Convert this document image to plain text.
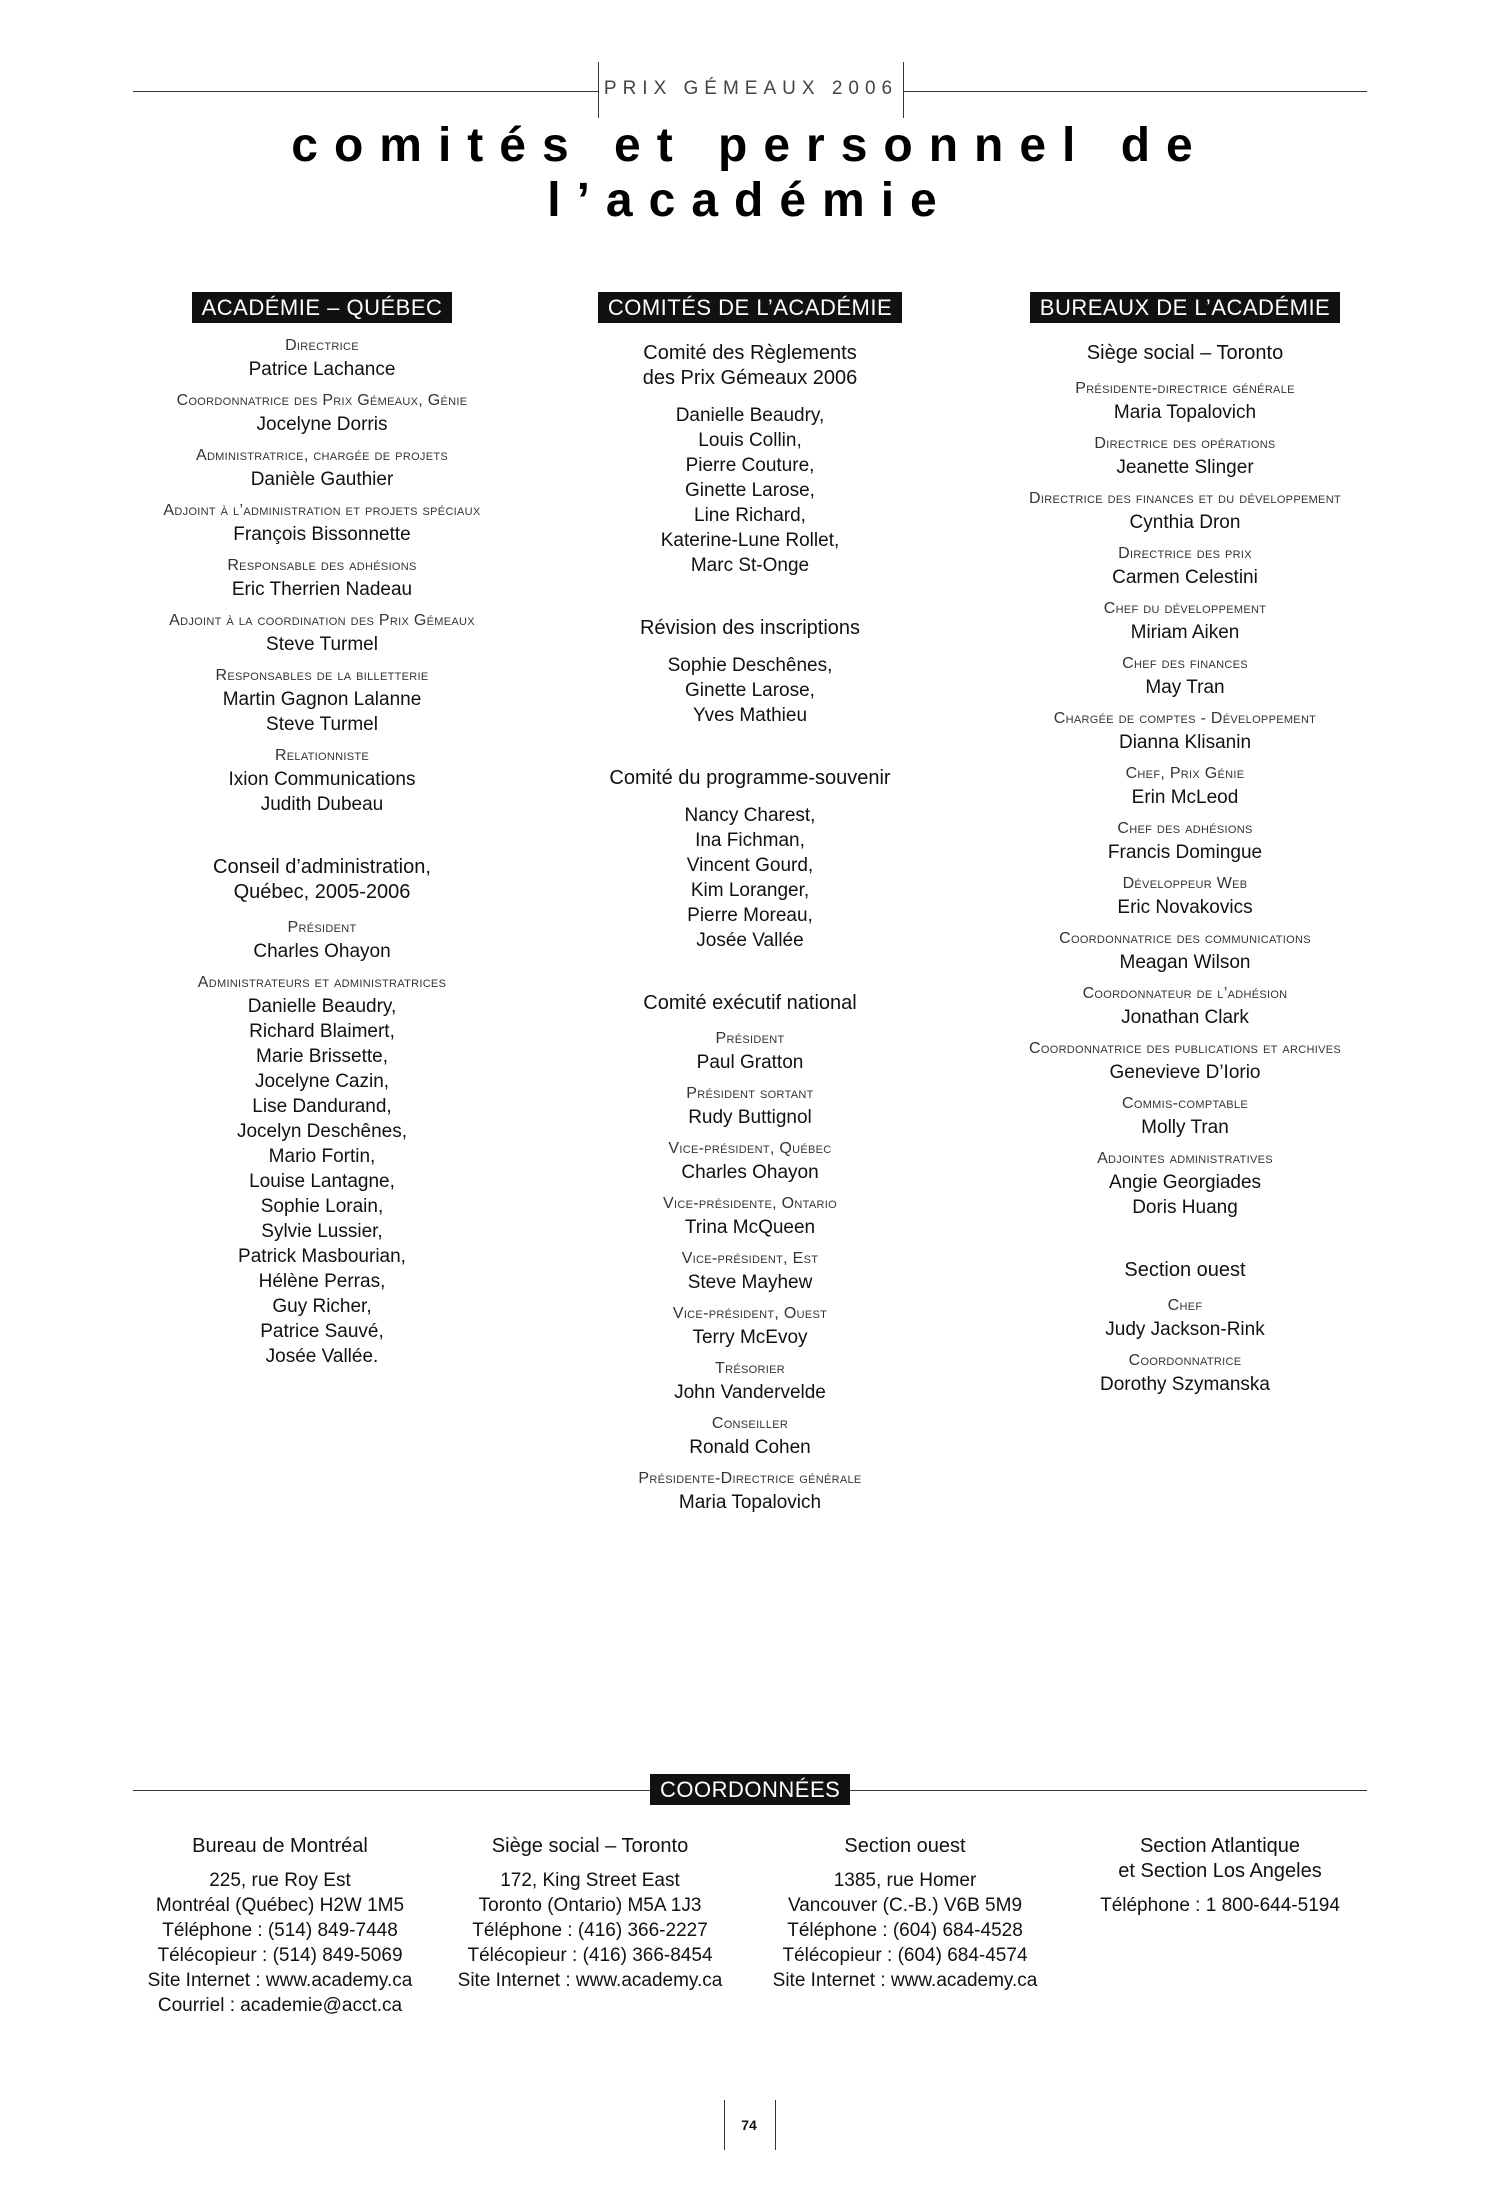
PRIX GÉMEAUX 2006
comités et personnel de l’académie
ACADÉMIE – QUÉBEC
Directrice
Patrice Lachance
Coordonnatrice des Prix Gémeaux, Génie
Jocelyne Dorris
Administratrice, chargée de projets
Danièle Gauthier
Adjoint à l’administration et projets spéciaux
François Bissonnette
Responsable des adhésions
Eric Therrien Nadeau
Adjoint à la coordination des Prix Gémeaux
Steve Turmel
Responsables de la billetterie
Martin Gagnon Lalanne
Steve Turmel
Relationniste
Ixion Communications
Judith Dubeau
Conseil d’administration,
Québec, 2005-2006
Président
Charles Ohayon
Administrateurs et administratrices
Danielle Beaudry,
Richard Blaimert,
Marie Brissette,
Jocelyne Cazin,
Lise Dandurand,
Jocelyn Deschênes,
Mario Fortin,
Louise Lantagne,
Sophie Lorain,
Sylvie Lussier,
Patrick Masbourian,
Hélène Perras,
Guy Richer,
Patrice Sauvé,
Josée Vallée.
COMITÉS DE L’ACADÉMIE
Comité des Règlements
des Prix Gémeaux 2006
Danielle Beaudry,
Louis Collin,
Pierre Couture,
Ginette Larose,
Line Richard,
Katerine-Lune Rollet,
Marc St-Onge
Révision des inscriptions
Sophie Deschênes,
Ginette Larose,
Yves Mathieu
Comité du programme-souvenir
Nancy Charest,
Ina Fichman,
Vincent Gourd,
Kim Loranger,
Pierre Moreau,
Josée Vallée
Comité exécutif national
Président
Paul Gratton
Président sortant
Rudy Buttignol
Vice-président, Québec
Charles Ohayon
Vice-présidente, Ontario
Trina McQueen
Vice-président, Est
Steve Mayhew
Vice-président, Ouest
Terry McEvoy
Trésorier
John Vandervelde
Conseiller
Ronald Cohen
Présidente-Directrice générale
Maria Topalovich
BUREAUX DE L’ACADÉMIE
Siège social – Toronto
Présidente-directrice générale
Maria Topalovich
Directrice des opérations
Jeanette Slinger
Directrice des finances et du développement
Cynthia Dron
Directrice des prix
Carmen Celestini
Chef du développement
Miriam Aiken
Chef des finances
May Tran
Chargée de comptes - Développement
Dianna Klisanin
Chef, Prix Génie
Erin McLeod
Chef des adhésions
Francis Domingue
Développeur Web
Eric Novakovics
Coordonnatrice des communications
Meagan Wilson
Coordonnateur de l’adhésion
Jonathan Clark
Coordonnatrice des publications et archives
Genevieve D’Iorio
Commis-comptable
Molly Tran
Adjointes administratives
Angie Georgiades
Doris Huang
Section ouest
Chef
Judy Jackson-Rink
Coordonnatrice
Dorothy Szymanska
COORDONNÉES
Bureau de Montréal
225, rue Roy Est
Montréal (Québec) H2W 1M5
Téléphone : (514) 849-7448
Télécopieur : (514) 849-5069
Site Internet : www.academy.ca
Courriel : academie@acct.ca
Siège social – Toronto
172, King Street East
Toronto (Ontario) M5A 1J3
Téléphone : (416) 366-2227
Télécopieur : (416) 366-8454
Site Internet : www.academy.ca
Section ouest
1385, rue Homer
Vancouver (C.-B.) V6B 5M9
Téléphone : (604) 684-4528
Télécopieur : (604) 684-4574
Site Internet : www.academy.ca
Section Atlantique
et Section Los Angeles
Téléphone : 1 800-644-5194
74
